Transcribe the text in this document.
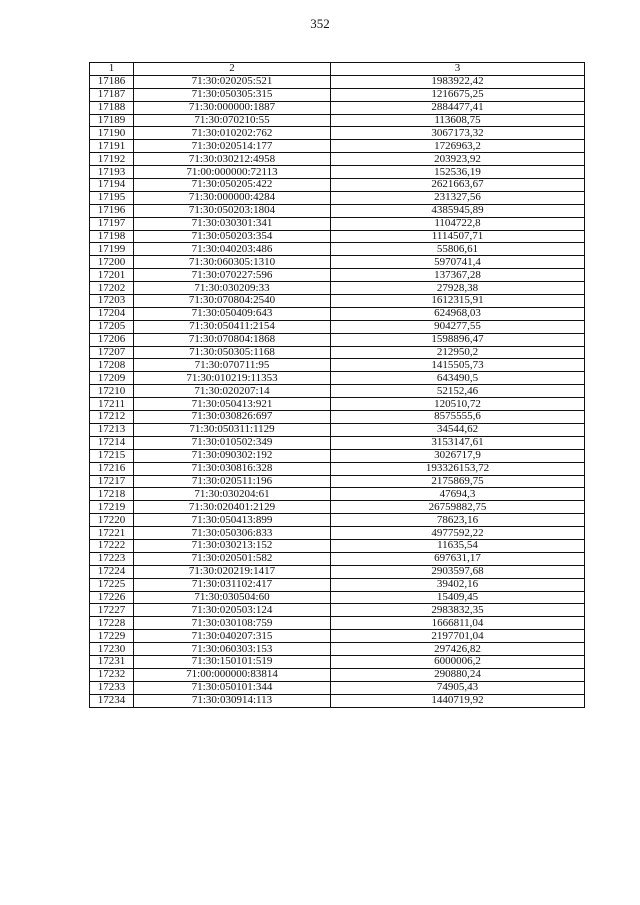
352
1	2	3
17186	71:30:020205:521	1983922,42
17187	71:30:050305:315	1216675,25
17188	71:30:000000:1887	2884477,41
17189	71:30:070210:55	113608,75
17190	71:30:010202:762	3067173,32
17191	71:30:020514:177	1726963,2
17192	71:30:030212:4958	203923,92
17193	71:00:000000:72113	152536,19
17194	71:30:050205:422	2621663,67
17195	71:30:000000:4284	231327,56
17196	71:30:050203:1804	4385945,89
17197	71:30:030301:341	1104722,8
17198	71:30:050203:354	1114507,71
17199	71:30:040203:486	55806,61
17200	71:30:060305:1310	5970741,4
17201	71:30:070227:596	137367,28
17202	71:30:030209:33	27928,38
17203	71:30:070804:2540	1612315,91
17204	71:30:050409:643	624968,03
17205	71:30:050411:2154	904277,55
17206	71:30:070804:1868	1598896,47
17207	71:30:050305:1168	212950,2
17208	71:30:070711:95	1415505,73
17209	71:30:010219:11353	643490,5
17210	71:30:020207:14	52152,46
17211	71:30:050413:921	120510,72
17212	71:30:030826:697	8575555,6
17213	71:30:050311:1129	34544,62
17214	71:30:010502:349	3153147,61
17215	71:30:090302:192	3026717,9
17216	71:30:030816:328	193326153,72
17217	71:30:020511:196	2175869,75
17218	71:30:030204:61	47694,3
17219	71:30:020401:2129	26759882,75
17220	71:30:050413:899	78623,16
17221	71:30:050306:833	4977592,22
17222	71:30:030213:152	11635,54
17223	71:30:020501:582	697631,17
17224	71:30:020219:1417	2903597,68
17225	71:30:031102:417	39402,16
17226	71:30:030504:60	15409,45
17227	71:30:020503:124	2983832,35
17228	71:30:030108:759	1666811,04
17229	71:30:040207:315	2197701,04
17230	71:30:060303:153	297426,82
17231	71:30:150101:519	6000006,2
17232	71:00:000000:83814	290880,24
17233	71:30:050101:344	74905,43
17234	71:30:030914:113	1440719,92
